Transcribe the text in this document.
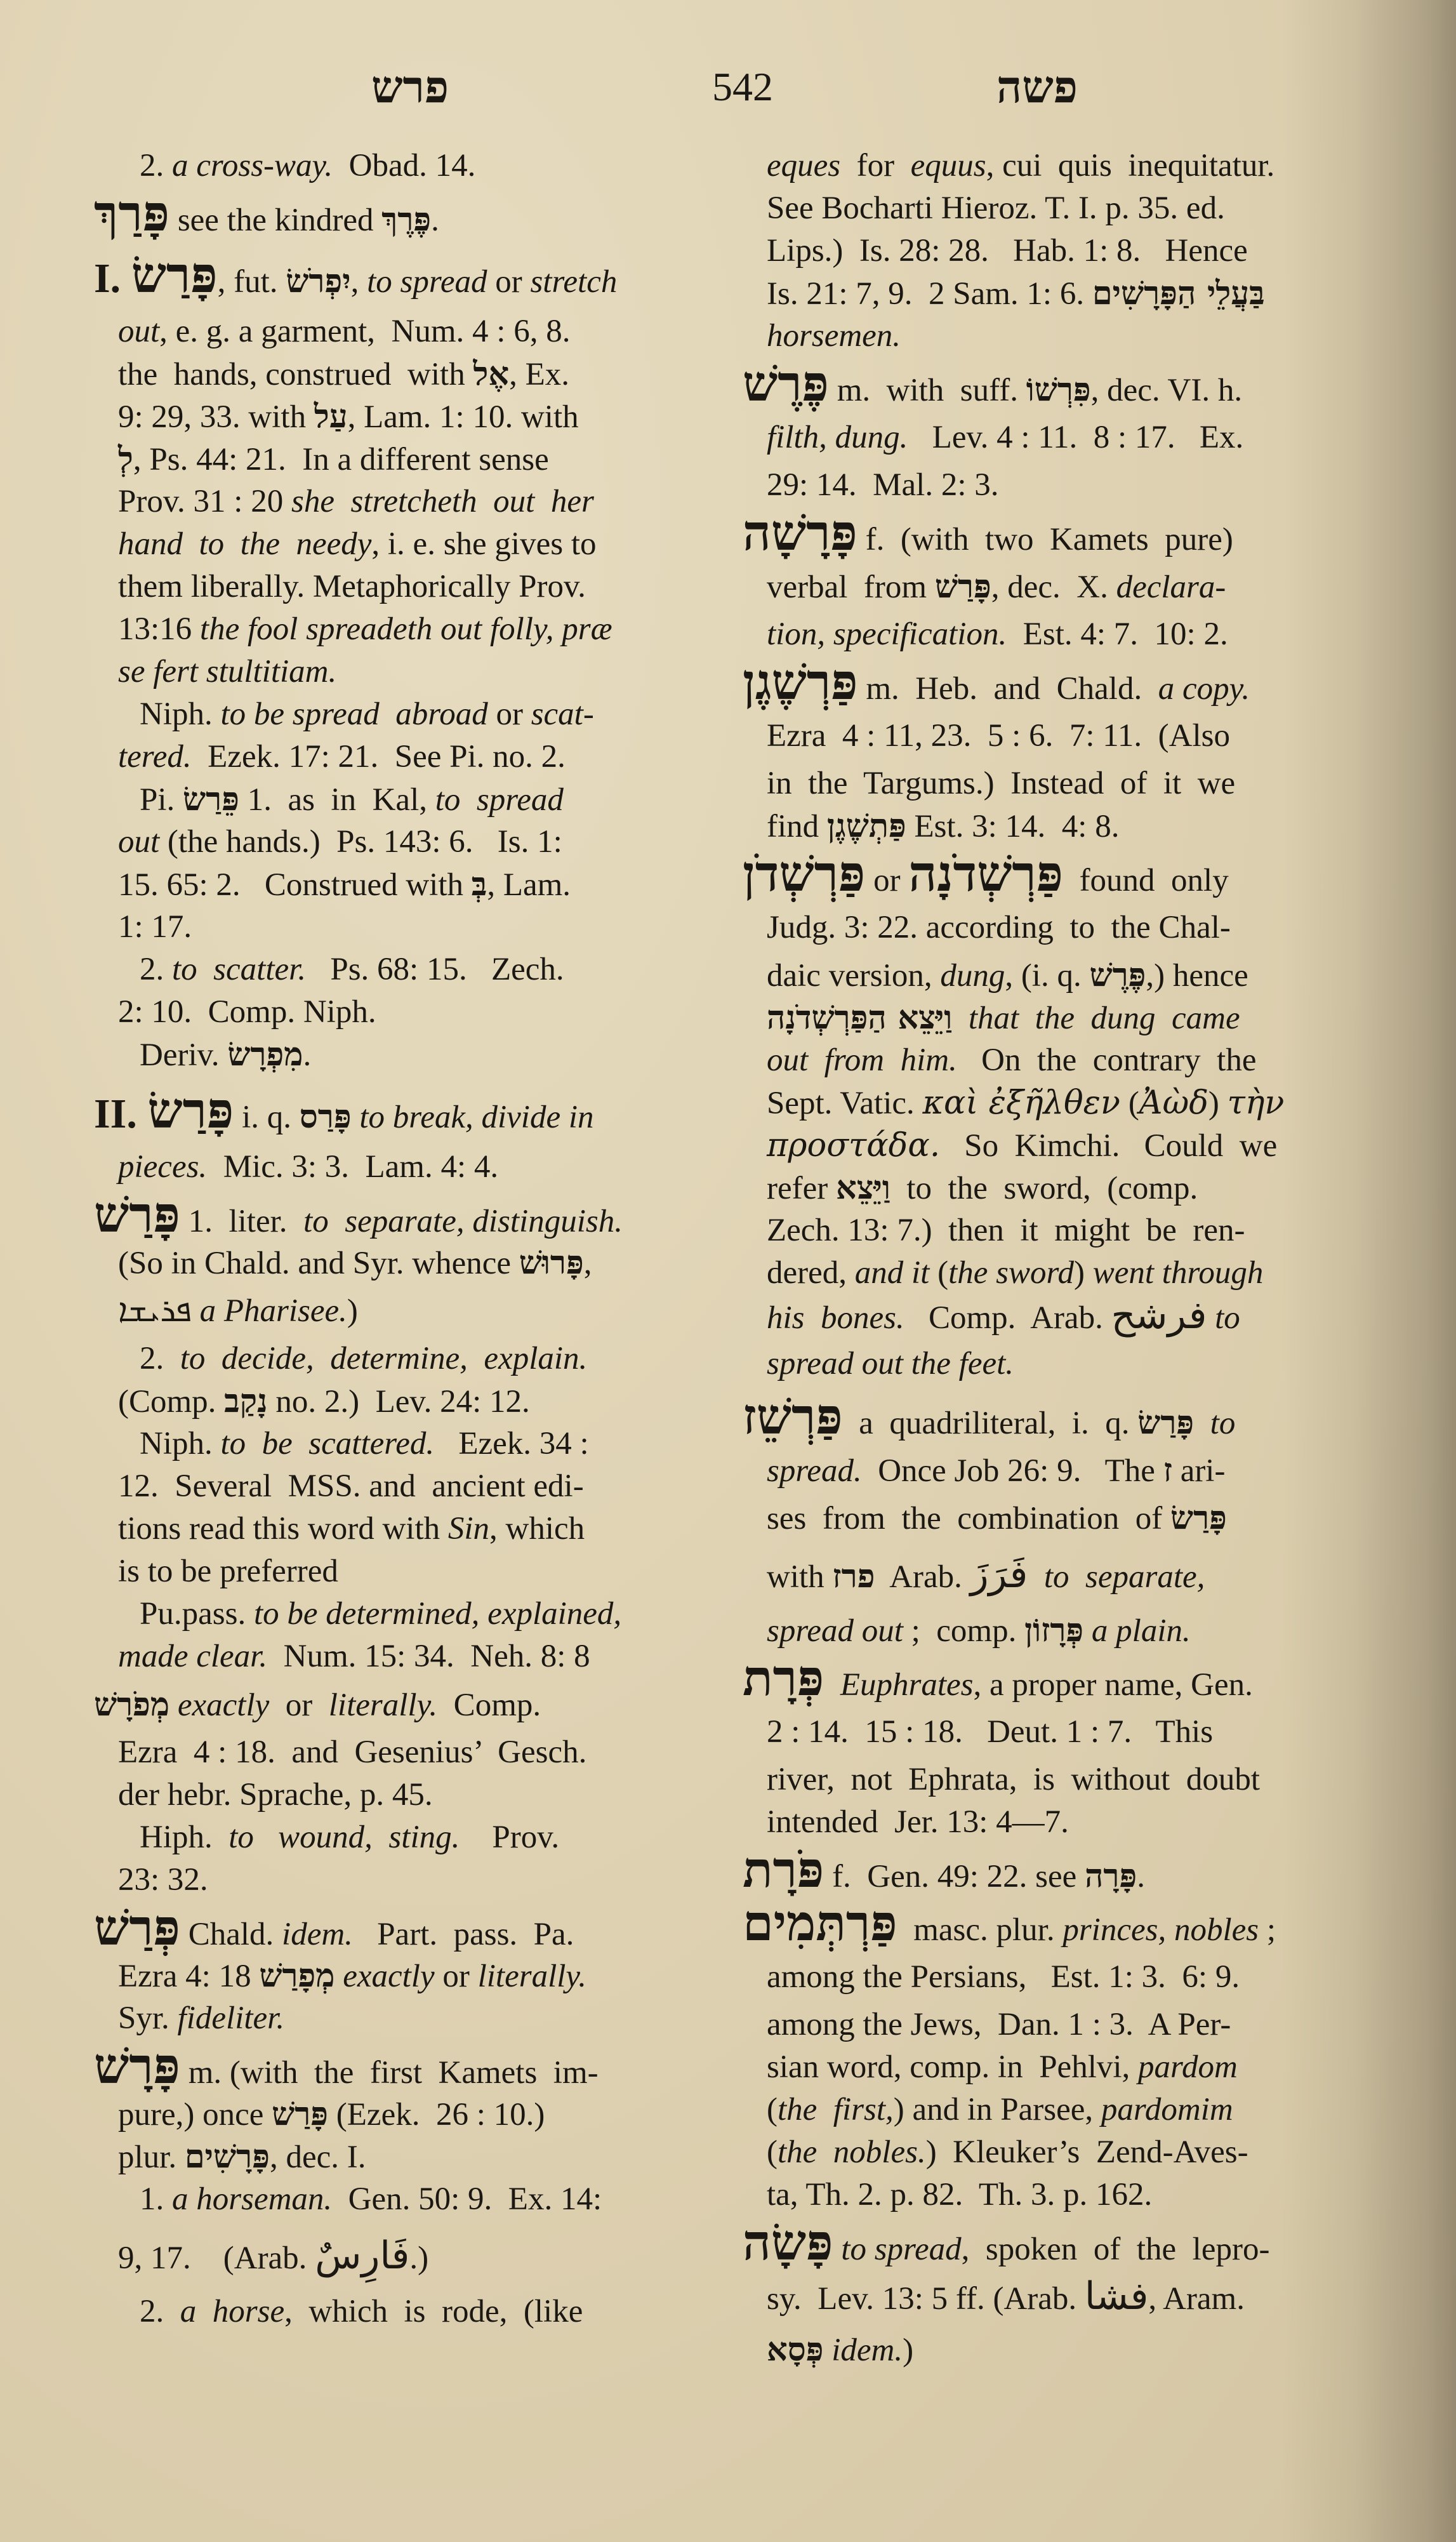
פרש	542	פשה
2. a cross-way. Obad. 14.
פָּרַךְ see the kindred פֶּרֶךְ .
I. פָּרַשׂ , fut. יִפְרֹשׂ , to spread or stretch
out , e. g. a garment,  Num. 4 : 6, 8.
the  hands, construed  with אֶל , Ex.
9: 29, 33. with עַל , Lam. 1: 10. with
לְ , Ps. 44: 21.  In a different sense
Prov. 31 : 20 she  stretcheth  out  her
hand  to  the  needy , i. e. she gives to
them liberally. Metaphorically Prov.
13:16 the fool spreadeth out folly, præ
se fert stultitiam.
Niph. to be spread  abroad or scat-
tered. Ezek. 17: 21.  See Pi. no. 2.
Pi. פֵּרַשׂ 1.  as  in  Kal, to  spread
out (the hands.)  Ps. 143: 6.   Is. 1:
15. 65: 2.   Construed with בְּ , Lam.
1: 17.
2. to  scatter. Ps. 68: 15.   Zech.
2: 10.  Comp. Niph.
Deriv. מִפְרָשׂ .
II. פָּרַשׂ i. q. פָּרַס
to break, divide in
pieces. Mic. 3: 3.  Lam. 4: 4.
פָּרַשׁ 1.  liter. to  separate, distinguish.
(So in Chald. and Syr. whence פָּרוּשׁ ,
ܦܪܝܫܐ
a Pharisee. )
2. to  decide,  determine,  explain.
(Comp. נָקַב no. 2.)  Lev. 24: 12.
Niph. to  be  scattered. Ezek. 34 :
12.  Several  MSS. and  ancient edi-
tions read this word with Sin , which
is to be preferred
Pu.pass. to be determined, explained,
made clear. Num. 15: 34.  Neh. 8: 8
מְפֹרָשׁ
exactly or literally. Comp.
Ezra  4 : 18.  and  Gesenius’  Gesch.
der hebr. Sprache, p. 45.
Hiph. to   wound,  sting. Prov.
23: 32.
פְּרַשׁ Chald. idem. Part.  pass.  Pa.
Ezra 4: 18 מְפָרַשׁ
exactly or literally.
Syr. fideliter.
פָּרָשׁ m. (with  the  first  Kamets  im-
pure,) once פָּרַשׁ (Ezek.  26 : 10.)
plur. פָּרָשִׁים , dec. I.
1. a horseman. Gen. 50: 9.  Ex. 14:
9, 17.    (Arab. فَارِسٌ .)
2. a  horse ,  which  is  rode,  (like
eques for equus , cui  quis  inequitatur.
See Bocharti Hieroz. T. I. p. 35. ed.
Lips.)  Is. 28: 28.   Hab. 1: 8.   Hence
Is. 21: 7, 9.  2 Sam. 1: 6. בַּעֲלֵי הַפָּרָשִׁים
horsemen.
פֶּרֶשׁ m.  with  suff. פִּרְשׁוֹ , dec. VI. h.
filth, dung. Lev. 4 : 11.  8 : 17.   Ex.
29: 14.  Mal. 2: 3.
פָּרָשָׁה f.  (with  two  Kamets  pure)
verbal  from פָּרַשׁ , dec.  X. declara-
tion, specification. Est. 4: 7.  10: 2.
פַּרְשֶׁגֶן m.  Heb.  and  Chald. a copy.
Ezra  4 : 11, 23.  5 : 6.  7: 11.  (Also
in  the  Targums.)  Instead  of  it  we
find פַּתְשֶׁגֶן Est. 3: 14.  4: 8.
פַּרְשְׁדֹן or פַּרְשְׁדֹנָה found  only
Judg. 3: 22. according  to  the Chal-
daic version, dung , (i. q. פֶּרֶשׁ ,) hence
וַיֵּצֵא הַפַּרְשְׁדֹנָה
that  the  dung  came
out  from  him. On  the  contrary  the
Sept. Vatic. καὶ ἐξῆλθεν ( Ἀὼδ ) τὴν
προστάδα. So  Kimchi.   Could  we
refer וַיֵּצֵא to  the  sword,  (comp.
Zech. 13: 7.)  then  it  might  be  ren-
dered, and it ( the sword ) went through
his  bones. Comp.  Arab. فرشح
to
spread out the feet.
פַּרְשֵׁז a  quadriliteral,  i.  q. פָּרַשׂ
to
spread. Once Job 26: 9.   The ז ari-
ses  from  the  combination  of פָּרַשׂ
with פרז Arab. فَرَزَ
to  separate,
spread out ;  comp. פְּרָזוֹן
a plain.
פְּרָת
Euphrates , a proper name, Gen.
2 : 14.  15 : 18.   Deut. 1 : 7.   This
river,  not  Ephrata,  is  without  doubt
intended  Jer. 13: 4—7.
פֹּרָת f.  Gen. 49: 22. see פָּרָה .
פַּרְתְּמִים masc. plur. princes, nobles ;
among the Persians,   Est. 1: 3.  6: 9.
among the Jews,  Dan. 1 : 3.  A Per-
sian word, comp. in  Pehlvi, pardom
( the  first, ) and in Parsee, pardomim
( the  nobles. )  Kleuker’s  Zend-Aves-
ta, Th. 2. p. 82.  Th. 3. p. 162.
פָּשָׂה
to spread ,  spoken  of  the  lepro-
sy.  Lev. 13: 5 ff. (Arab. فشا , Aram.
פְּסָא
idem. )
